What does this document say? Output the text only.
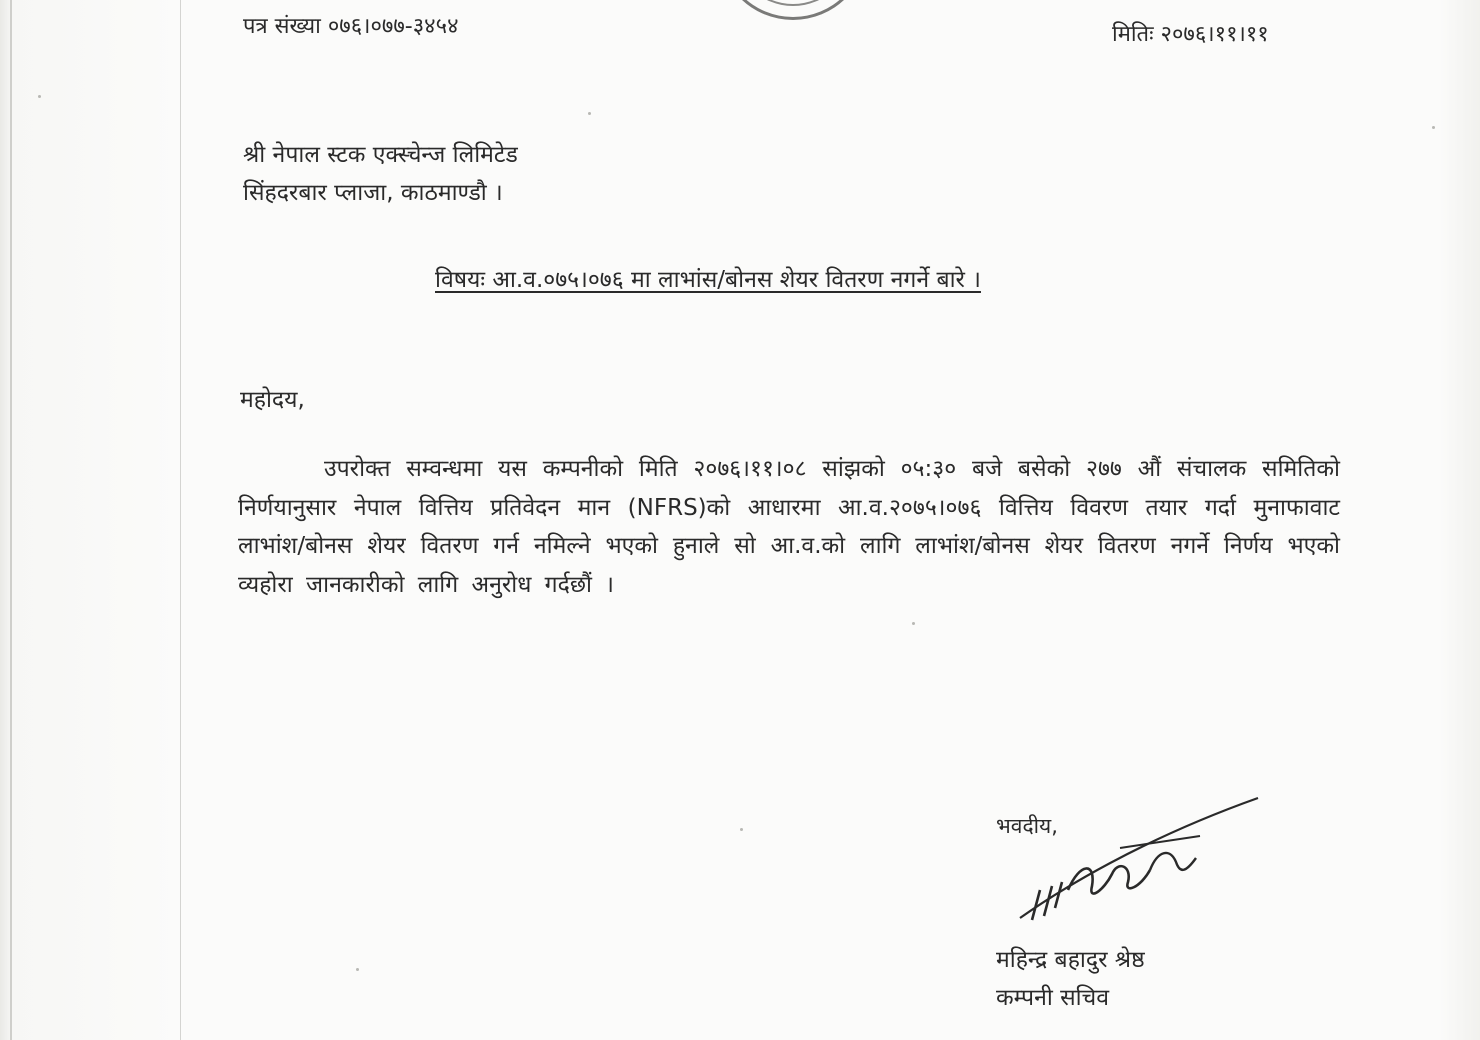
पत्र संख्या ०७६।०७७-३४५४	मितिः २०७६।११।११
श्री नेपाल स्टक एक्स्चेन्ज लिमिटेड
सिंहदरबार प्लाजा, काठमाण्डौ ।
विषयः आ.व.०७५।०७६ मा लाभांस/बोनस शेयर वितरण नगर्ने बारे ।
महोदय,
उपरोक्त सम्वन्धमा यस कम्पनीको मिति २०७६।११।०८ सांझको ०५:३० बजे बसेको २७७ औं संचालक समितिको निर्णयानुसार नेपाल वित्तिय प्रतिवेदन मान (NFRS)को आधारमा आ.व.२०७५।०७६ वित्तिय विवरण तयार गर्दा मुनाफावाट लाभांश/बोनस शेयर वितरण गर्न नमिल्ने भएको हुनाले सो आ.व.को लागि लाभांश/बोनस शेयर वितरण नगर्ने निर्णय भएको व्यहोरा जानकारीको लागि अनुरोध गर्दछौं ।
भवदीय,
महिन्द्र बहादुर श्रेष्ठ
कम्पनी सचिव
